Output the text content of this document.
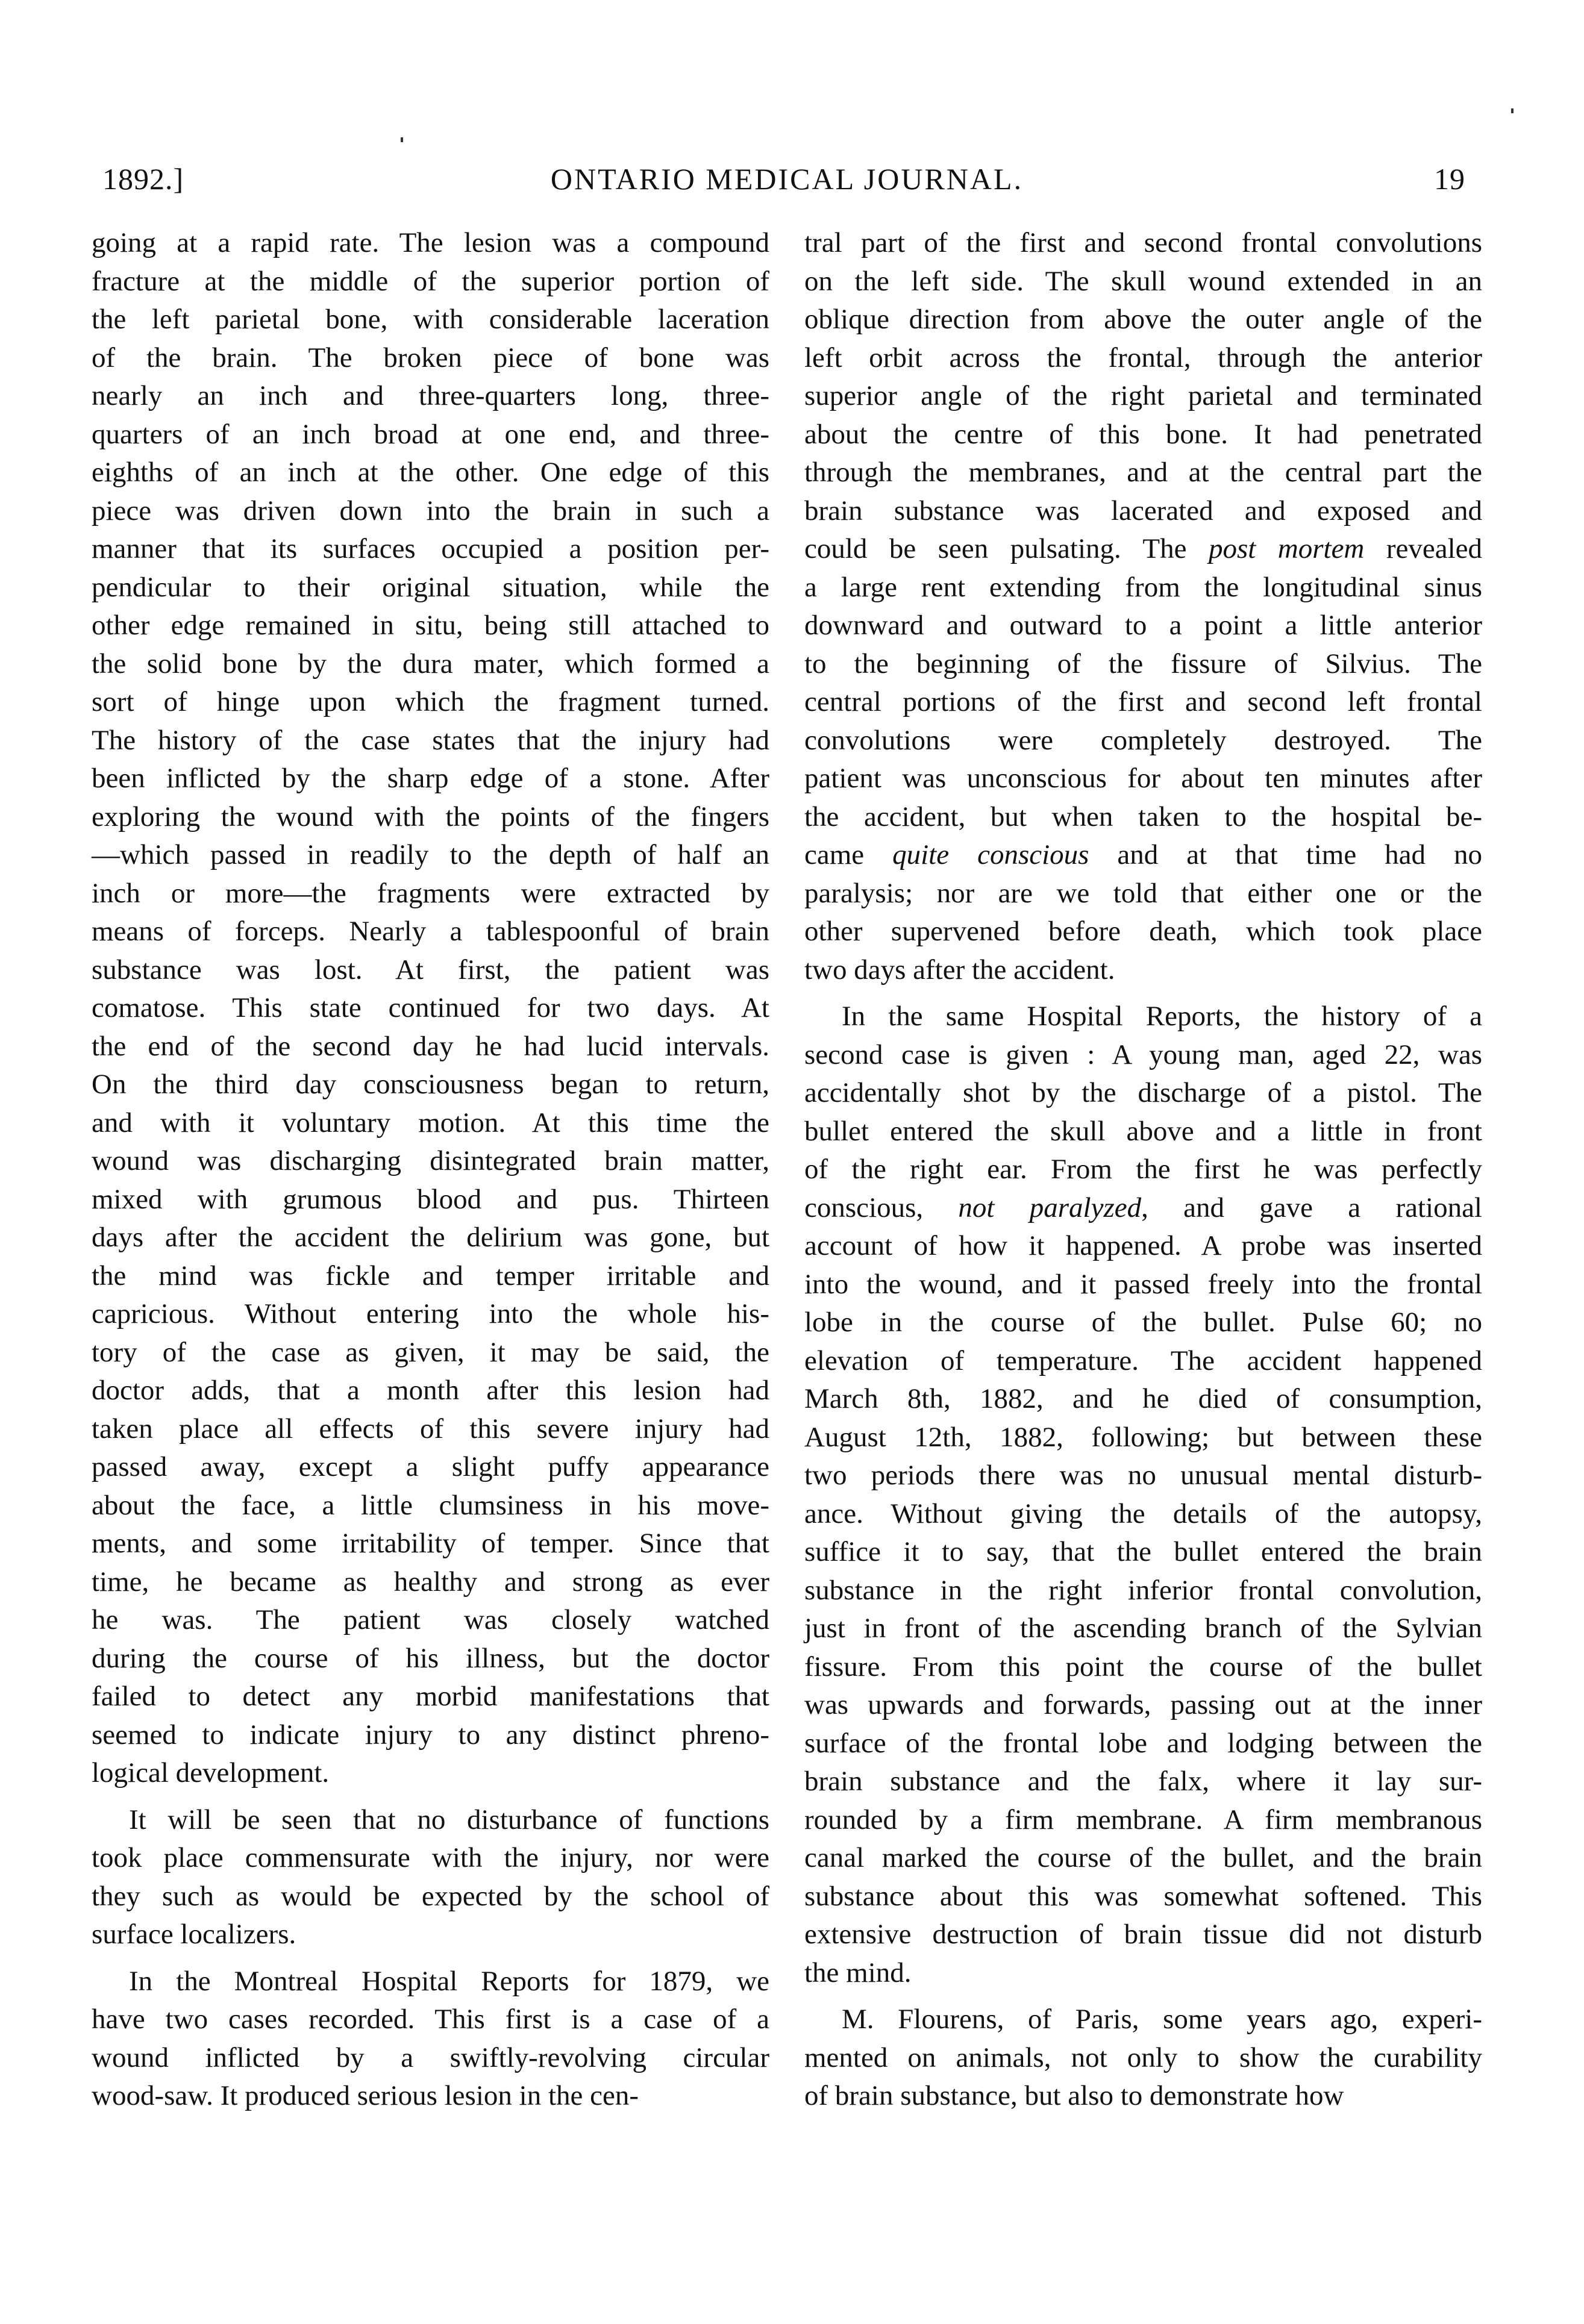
1892.]	ONTARIO MEDICAL JOURNAL.	19
going at a rapid rate. The lesion was a compound
fracture at the middle of the superior portion of
the left parietal bone, with considerable laceration
of the brain. The broken piece of bone was
nearly an inch and three-quarters long, three-
quarters of an inch broad at one end, and three-
eighths of an inch at the other. One edge of this
piece was driven down into the brain in such a
manner that its surfaces occupied a position per-
pendicular to their original situation, while the
other edge remained in situ, being still attached to
the solid bone by the dura mater, which formed a
sort of hinge upon which the fragment turned.
The history of the case states that the injury had
been inflicted by the sharp edge of a stone. After
exploring the wound with the points of the fingers
—which passed in readily to the depth of half an
inch or more—the fragments were extracted by
means of forceps. Nearly a tablespoonful of brain
substance was lost. At first, the patient was
comatose. This state continued for two days. At
the end of the second day he had lucid intervals.
On the third day consciousness began to return,
and with it voluntary motion. At this time the
wound was discharging disintegrated brain matter,
mixed with grumous blood and pus. Thirteen
days after the accident the delirium was gone, but
the mind was fickle and temper irritable and
capricious. Without entering into the whole his-
tory of the case as given, it may be said, the
doctor adds, that a month after this lesion had
taken place all effects of this severe injury had
passed away, except a slight puffy appearance
about the face, a little clumsiness in his move-
ments, and some irritability of temper. Since that
time, he became as healthy and strong as ever
he was. The patient was closely watched
during the course of his illness, but the doctor
failed to detect any morbid manifestations that
seemed to indicate injury to any distinct phreno-
logical development.
It will be seen that no disturbance of functions
took place commensurate with the injury, nor were
they such as would be expected by the school of
surface localizers.
In the Montreal Hospital Reports for 1879, we
have two cases recorded. This first is a case of a
wound inflicted by a swiftly-revolving circular
wood-saw. It produced serious lesion in the cen-
tral part of the first and second frontal convolutions
on the left side. The skull wound extended in an
oblique direction from above the outer angle of the
left orbit across the frontal, through the anterior
superior angle of the right parietal and terminated
about the centre of this bone. It had penetrated
through the membranes, and at the central part the
brain substance was lacerated and exposed and
could be seen pulsating. The post mortem revealed
a large rent extending from the longitudinal sinus
downward and outward to a point a little anterior
to the beginning of the fissure of Silvius. The
central portions of the first and second left frontal
convolutions were completely destroyed. The
patient was unconscious for about ten minutes after
the accident, but when taken to the hospital be-
came quite conscious and at that time had no
paralysis; nor are we told that either one or the
other supervened before death, which took place
two days after the accident.
In the same Hospital Reports, the history of a
second case is given : A young man, aged 22, was
accidentally shot by the discharge of a pistol. The
bullet entered the skull above and a little in front
of the right ear. From the first he was perfectly
conscious, not paralyzed, and gave a rational
account of how it happened. A probe was inserted
into the wound, and it passed freely into the frontal
lobe in the course of the bullet. Pulse 60; no
elevation of temperature. The accident happened
March 8th, 1882, and he died of consumption,
August 12th, 1882, following; but between these
two periods there was no unusual mental disturb-
ance. Without giving the details of the autopsy,
suffice it to say, that the bullet entered the brain
substance in the right inferior frontal convolution,
just in front of the ascending branch of the Sylvian
fissure. From this point the course of the bullet
was upwards and forwards, passing out at the inner
surface of the frontal lobe and lodging between the
brain substance and the falx, where it lay sur-
rounded by a firm membrane. A firm membranous
canal marked the course of the bullet, and the brain
substance about this was somewhat softened. This
extensive destruction of brain tissue did not disturb
the mind.
M. Flourens, of Paris, some years ago, experi-
mented on animals, not only to show the curability
of brain substance, but also to demonstrate how
